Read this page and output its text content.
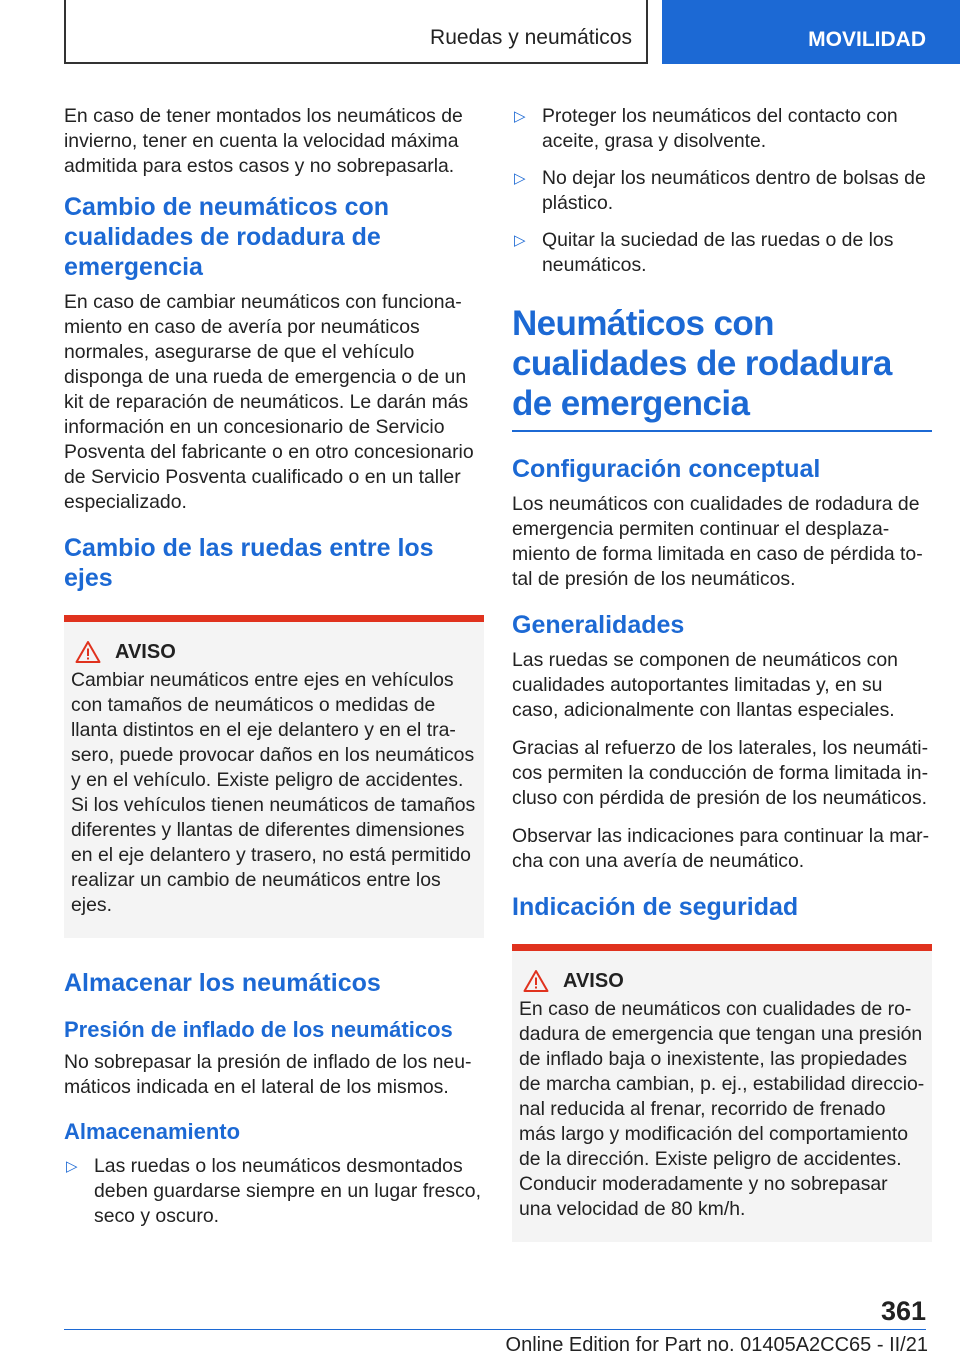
Ruedas y neumáticos	MOVILIDAD

En caso de tener montados los neumáticos de invierno, tener en cuenta la velocidad máxima admitida para estos casos y no sobrepasarla.

Cambio de neumáticos con cualidades de rodadura de emergencia

En caso de cambiar neumáticos con funcionamiento en caso de avería por neumáticos normales, asegurarse de que el vehículo disponga de una rueda de emergencia o de un kit de reparación de neumáticos. Le darán más información en un concesionario de Servicio Posventa del fabricante o en otro concesionario de Servicio Posventa cualificado o en un taller especializado.

Cambio de las ruedas entre los ejes
AVISO

Cambiar neumáticos entre ejes en vehículos con tamaños de neumáticos o medidas de llanta distintos en el eje delantero y en el trasero, puede provocar daños en los neumáticos y en el vehículo. Existe peligro de accidentes. Si los vehículos tienen neumáticos de tamaños diferentes y llantas de diferentes dimensiones en el eje delantero y trasero, no está permitido realizar un cambio de neumáticos entre los ejes.

Almacenar los neumáticos
Presión de inflado de los neumáticos

No sobrepasar la presión de inflado de los neumáticos indicada en el lateral de los mismos.

Almacenamiento
▷ Las ruedas o los neumáticos desmontados deben guardarse siempre en un lugar fresco, seco y oscuro.
▷ Proteger los neumáticos del contacto con aceite, grasa y disolvente.
▷ No dejar los neumáticos dentro de bolsas de plástico.
▷ Quitar la suciedad de las ruedas o de los neumáticos.
Neumáticos con cualidades de rodadura de emergencia
Configuración conceptual

Los neumáticos con cualidades de rodadura de emergencia permiten continuar el desplazamiento de forma limitada en caso de pérdida total de presión de los neumáticos.

Generalidades

Las ruedas se componen de neumáticos con cualidades autoportantes limitadas y, en su caso, adicionalmente con llantas especiales.

Gracias al refuerzo de los laterales, los neumáticos permiten la conducción de forma limitada incluso con pérdida de presión de los neumáticos.

Observar las indicaciones para continuar la marcha con una avería de neumático.

Indicación de seguridad
AVISO

En caso de neumáticos con cualidades de rodadura de emergencia que tengan una presión de inflado baja o inexistente, las propiedades de marcha cambian, p. ej., estabilidad direccional reducida al frenar, recorrido de frenado más largo y modificación del comportamiento de la dirección. Existe peligro de accidentes. Conducir moderadamente y no sobrepasar una velocidad de 80 km/h.

361
Online Edition for Part no. 01405A2CC65 - II/21
